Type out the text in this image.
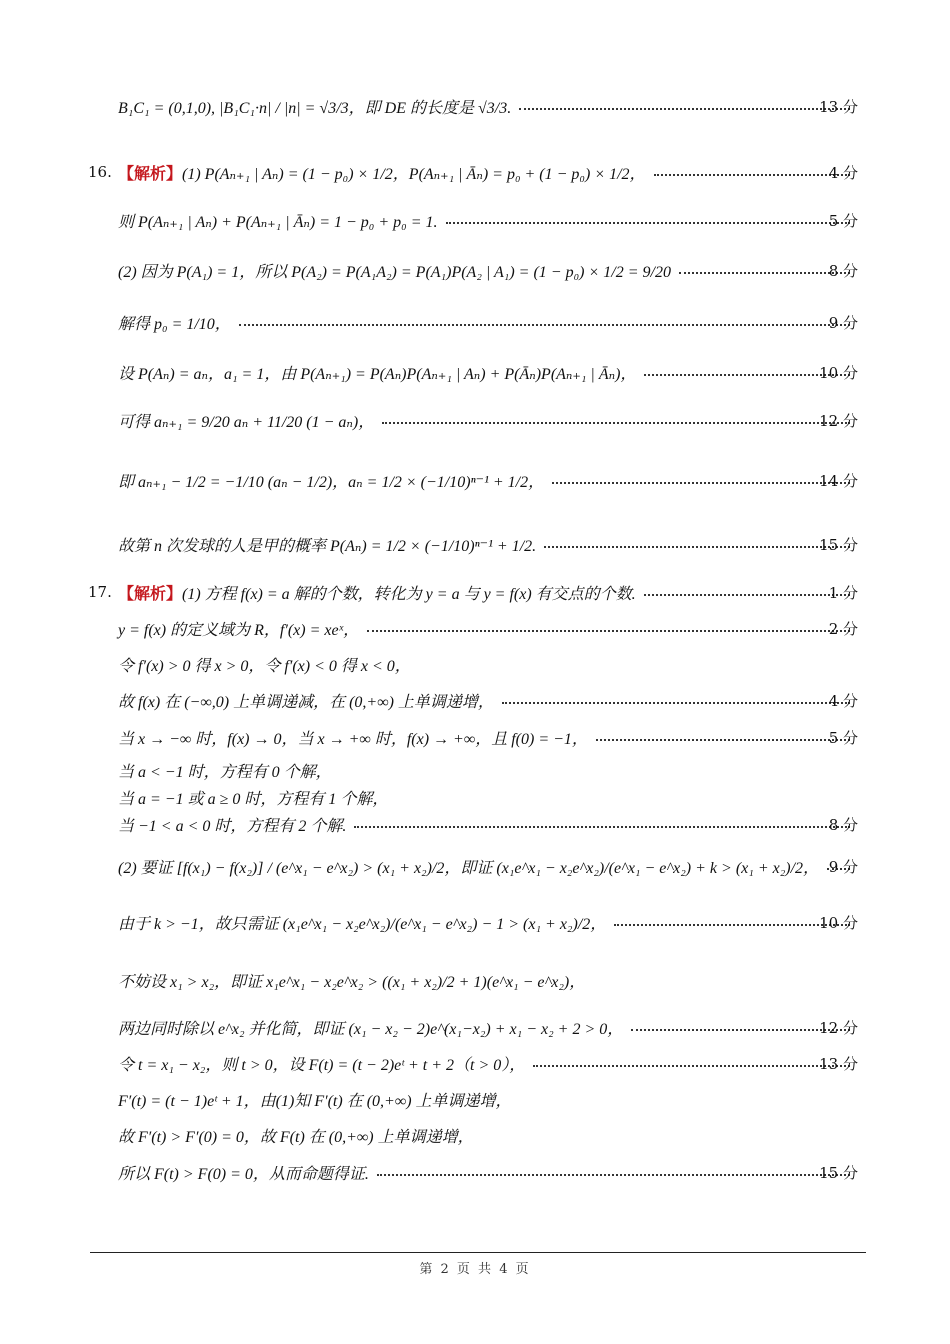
B₁C₁ = (0,1,0), |B₁C₁·n| / |n| = √3/3，即 DE 的长度是 √3/3.	13 分
16. 【解析】 (1) P(Aₙ₊₁ | Aₙ) = (1 − p₀) × 1/2，P(Aₙ₊₁ | Āₙ) = p₀ + (1 − p₀) × 1/2，	4 分
则 P(Aₙ₊₁ | Aₙ) + P(Aₙ₊₁ | Āₙ) = 1 − p₀ + p₀ = 1.	5 分
(2) 因为 P(A₁) = 1，所以 P(A₂) = P(A₁A₂) = P(A₁)P(A₂ | A₁) = (1 − p₀) × 1/2 = 9/20	8 分
解得 p₀ = 1/10，	9 分
设 P(Aₙ) = aₙ，a₁ = 1，由 P(Aₙ₊₁) = P(Aₙ)P(Aₙ₊₁ | Aₙ) + P(Āₙ)P(Aₙ₊₁ | Āₙ)，	10 分
可得 aₙ₊₁ = 9/20 aₙ + 11/20 (1 − aₙ)，	12 分
即 aₙ₊₁ − 1/2 = −1/10 (aₙ − 1/2)，aₙ = 1/2 × (−1/10)ⁿ⁻¹ + 1/2，	14 分
故第 n 次发球的人是甲的概率 P(Aₙ) = 1/2 × (−1/10)ⁿ⁻¹ + 1/2.	15 分
17. 【解析】 (1) 方程 f(x) = a 解的个数，转化为 y = a 与 y = f(x) 有交点的个数.	1 分
y = f(x) 的定义域为 R，f′(x) = xeˣ，	2 分
令 f′(x) > 0 得 x > 0，令 f′(x) < 0 得 x < 0，
故 f(x) 在 (−∞,0) 上单调递减，在 (0,+∞) 上单调递增，	4 分
当 x → −∞ 时，f(x) → 0，当 x → +∞ 时，f(x) → +∞，且 f(0) = −1，	5 分
当 a < −1 时，方程有 0 个解，
当 a = −1 或 a ≥ 0 时，方程有 1 个解，
当 −1 < a < 0 时，方程有 2 个解.	8 分
(2) 要证 [f(x₁) − f(x₂)] / (e^x₁ − e^x₂) > (x₁ + x₂)/2，即证 (x₁e^x₁ − x₂e^x₂)/(e^x₁ − e^x₂) + k > (x₁ + x₂)/2， 9 分
由于 k > −1，故只需证 (x₁e^x₁ − x₂e^x₂)/(e^x₁ − e^x₂) − 1 > (x₁ + x₂)/2，	10 分
不妨设 x₁ > x₂，即证 x₁e^x₁ − x₂e^x₂ > ((x₁ + x₂)/2 + 1)(e^x₁ − e^x₂)，
两边同时除以 e^x₂ 并化简，即证 (x₁ − x₂ − 2)e^(x₁−x₂) + x₁ − x₂ + 2 > 0，	12 分
令 t = x₁ − x₂，则 t > 0，设 F(t) = (t − 2)eᵗ + t + 2（t > 0），	13 分
F′(t) = (t − 1)eᵗ + 1，由(1)知 F′(t) 在 (0,+∞) 上单调递增，
故 F′(t) > F′(0) = 0，故 F(t) 在 (0,+∞) 上单调递增，
所以 F(t) > F(0) = 0，从而命题得证.	15 分
第 2 页 共 4 页
